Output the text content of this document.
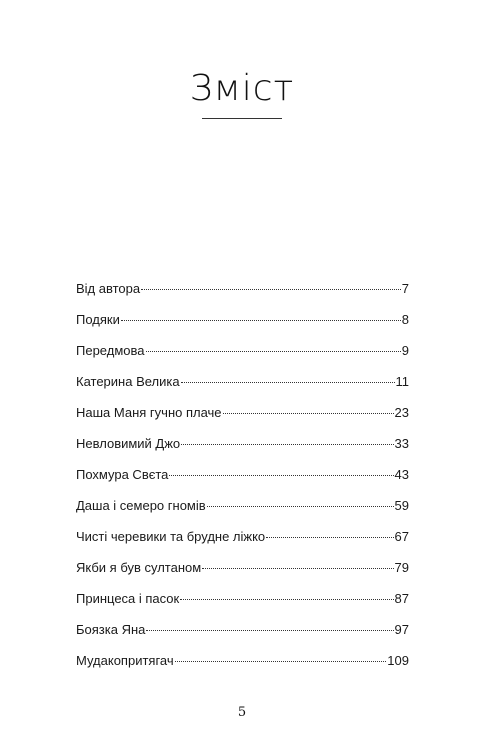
Зміст
Від автора	7
Подяки	8
Передмова	9
Катерина Велика	11
Наша Маня гучно плаче	23
Невловимий Джо	33
Похмура Свєта	43
Даша і семеро гномів	59
Чисті черевики та брудне ліжко	67
Якби я був султаном	79
Принцеса і пасок	87
Боязка Яна	97
Мудакопритягач	109
5
